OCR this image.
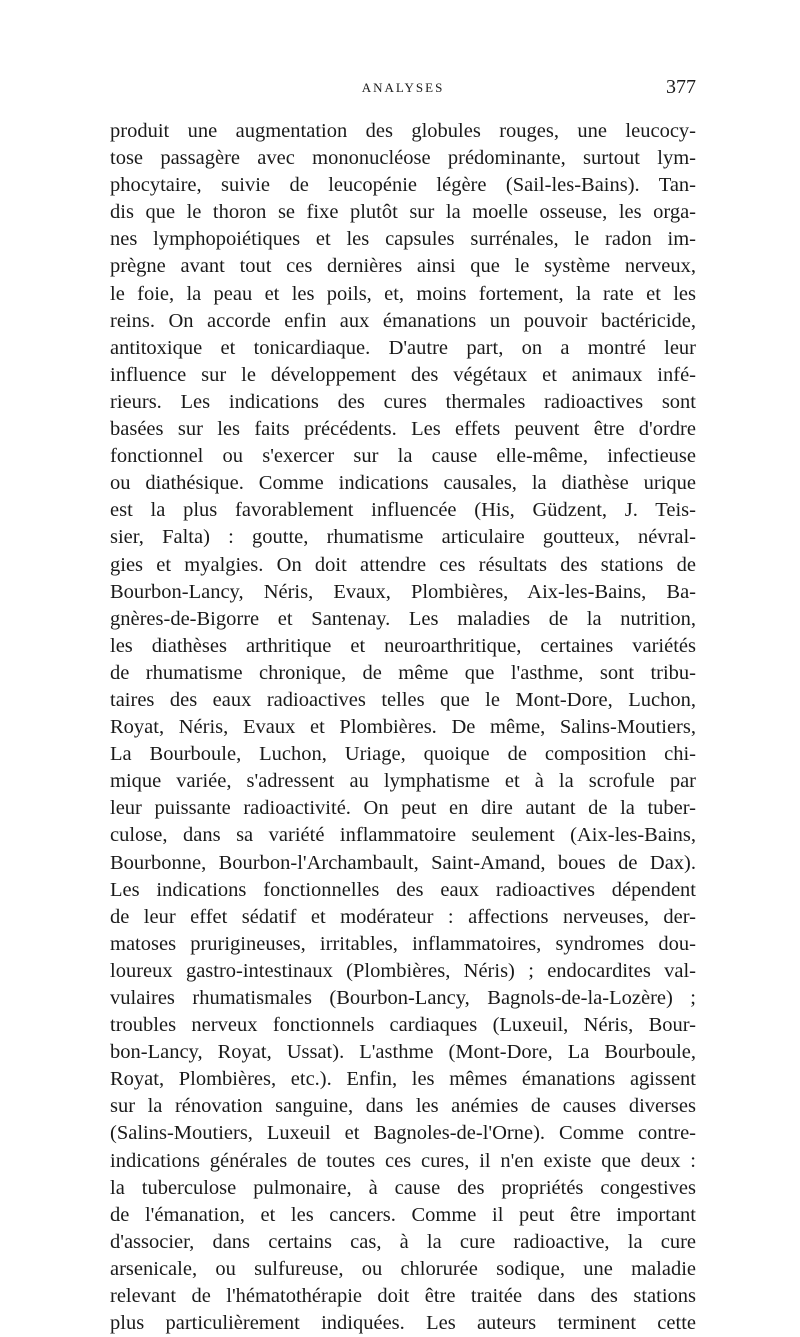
ANALYSES	377
produit une augmentation des globules rouges, une leucocy-
tose passagère avec mononucléose prédominante, surtout lym-
phocytaire, suivie de leucopénie légère (Sail-les-Bains). Tan-
dis que le thoron se fixe plutôt sur la moelle osseuse, les orga-
nes lymphopoiétiques et les capsules surrénales, le radon im-
prègne avant tout ces dernières ainsi que le système nerveux,
le foie, la peau et les poils, et, moins fortement, la rate et les
reins. On accorde enfin aux émanations un pouvoir bactéricide,
antitoxique et tonicardiaque. D'autre part, on a montré leur
influence sur le développement des végétaux et animaux infé-
rieurs. Les indications des cures thermales radioactives sont
basées sur les faits précédents. Les effets peuvent être d'ordre
fonctionnel ou s'exercer sur la cause elle-même, infectieuse
ou diathésique. Comme indications causales, la diathèse urique
est la plus favorablement influencée (His, Güdzent, J. Teis-
sier, Falta) : goutte, rhumatisme articulaire goutteux, névral-
gies et myalgies. On doit attendre ces résultats des stations de
Bourbon-Lancy, Néris, Evaux, Plombières, Aix-les-Bains, Ba-
gnères-de-Bigorre et Santenay. Les maladies de la nutrition,
les diathèses arthritique et neuroarthritique, certaines variétés
de rhumatisme chronique, de même que l'asthme, sont tribu-
taires des eaux radioactives telles que le Mont-Dore, Luchon,
Royat, Néris, Evaux et Plombières. De même, Salins-Moutiers,
La Bourboule, Luchon, Uriage, quoique de composition chi-
mique variée, s'adressent au lymphatisme et à la scrofule par
leur puissante radioactivité. On peut en dire autant de la tuber-
culose, dans sa variété inflammatoire seulement (Aix-les-Bains,
Bourbonne, Bourbon-l'Archambault, Saint-Amand, boues de Dax).
Les indications fonctionnelles des eaux radioactives dépendent
de leur effet sédatif et modérateur : affections nerveuses, der-
matoses prurigineuses, irritables, inflammatoires, syndromes dou-
loureux gastro-intestinaux (Plombières, Néris) ; endocardites val-
vulaires rhumatismales (Bourbon-Lancy, Bagnols-de-la-Lozère) ;
troubles nerveux fonctionnels cardiaques (Luxeuil, Néris, Bour-
bon-Lancy, Royat, Ussat). L'asthme (Mont-Dore, La Bourboule,
Royat, Plombières, etc.). Enfin, les mêmes émanations agissent
sur la rénovation sanguine, dans les anémies de causes diverses
(Salins-Moutiers, Luxeuil et Bagnoles-de-l'Orne). Comme contre-
indications générales de toutes ces cures, il n'en existe que deux :
la tuberculose pulmonaire, à cause des propriétés congestives
de l'émanation, et les cancers. Comme il peut être important
d'associer, dans certains cas, à la cure radioactive, la cure
arsenicale, ou sulfureuse, ou chlorurée sodique, une maladie
relevant de l'hématothérapie doit être traitée dans des stations
plus particulièrement indiquées. Les auteurs terminent cette
